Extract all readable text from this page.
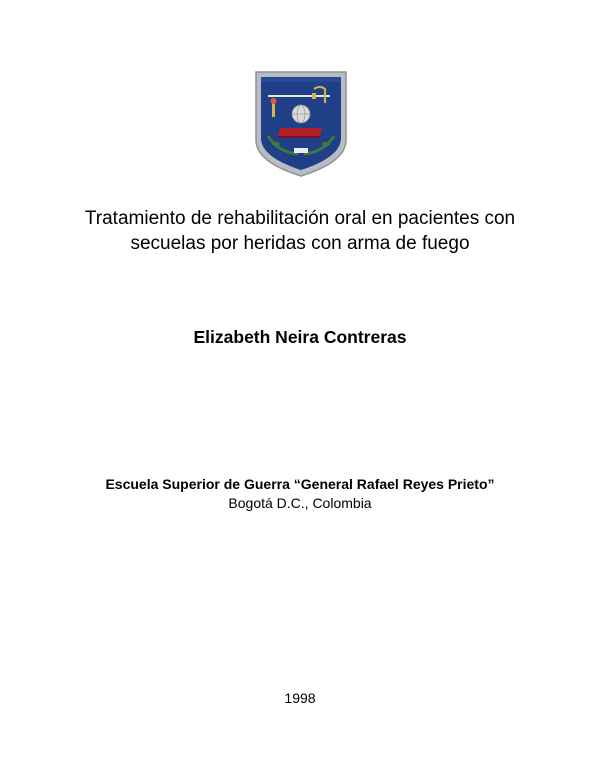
Tratamiento de rehabilitación oral en pacientes con
secuelas por heridas con arma de fuego
Elizabeth Neira Contreras
Escuela Superior de Guerra “General Rafael Reyes Prieto”
Bogotá D.C., Colombia
1998
